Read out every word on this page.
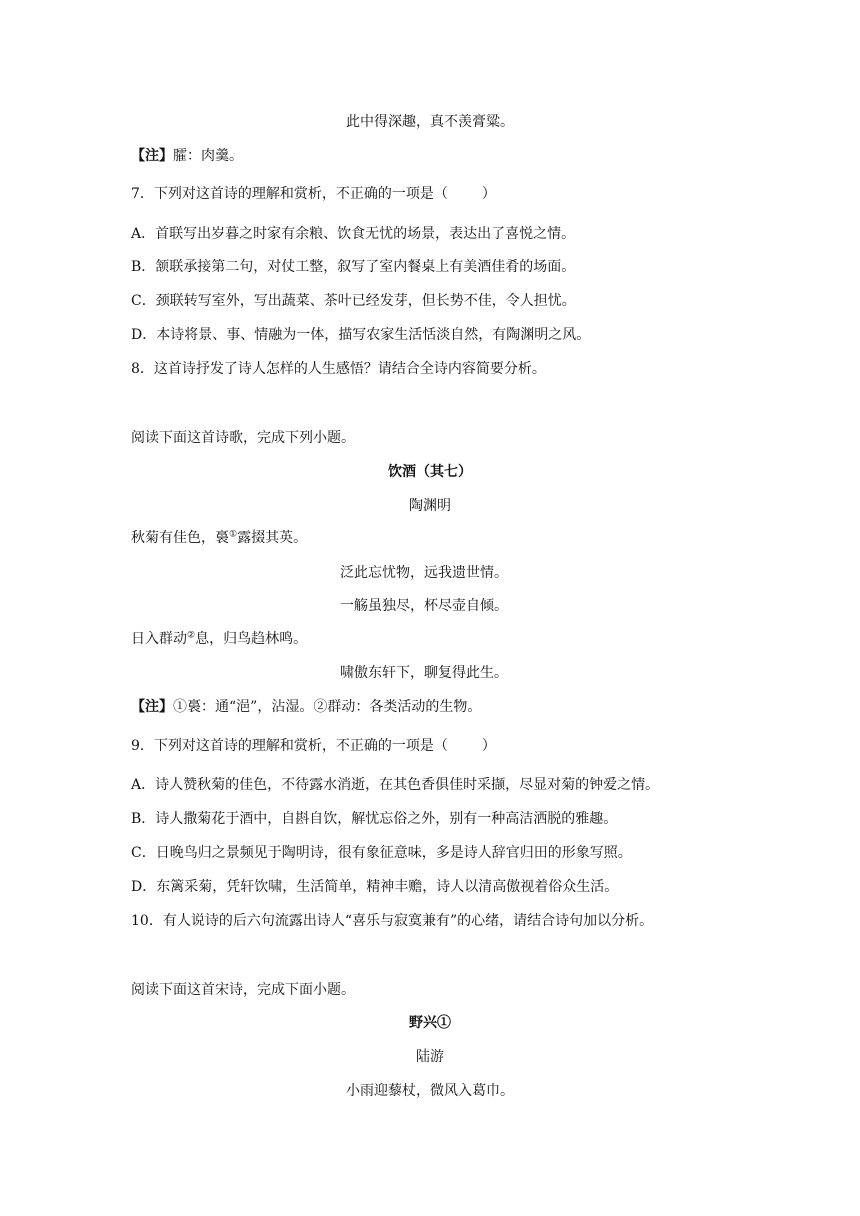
此中得深趣，真不羡膏粱。
【注】臛：肉羹。
7．下列对这首诗的理解和赏析，不正确的一项是（ ）
A．首联写出岁暮之时家有余粮、饮食无忧的场景，表达出了喜悦之情。
B．颔联承接第二句，对仗工整，叙写了室内餐桌上有美酒佳肴的场面。
C．颈联转写室外，写出蔬菜、茶叶已经发芽，但长势不佳，令人担忧。
D．本诗将景、事、情融为一体，描写农家生活恬淡自然，有陶渊明之风。
8．这首诗抒发了诗人怎样的人生感悟？请结合全诗内容简要分析。
阅读下面这首诗歌，完成下列小题。
饮酒（其七）
陶渊明
秋菊有佳色，裛①露掇其英。
泛此忘忧物，远我遗世情。
一觞虽独尽，杯尽壶自倾。
日入群动②息，归鸟趋林鸣。
啸傲东轩下，聊复得此生。
【注】①裛：通“浥”，沾湿。②群动：各类活动的生物。
9．下列对这首诗的理解和赏析，不正确的一项是（ ）
A．诗人赞秋菊的佳色，不待露水消逝，在其色香俱佳时采撷，尽显对菊的钟爱之情。
B．诗人撒菊花于酒中，自斟自饮，解忧忘俗之外，别有一种高洁洒脱的雅趣。
C．日晚鸟归之景频见于陶明诗，很有象征意味，多是诗人辞官归田的形象写照。
D．东篱采菊，凭轩饮啸，生活简单，精神丰赡，诗人以清高傲视着俗众生活。
10．有人说诗的后六句流露出诗人“喜乐与寂寞兼有”的心绪，请结合诗句加以分析。
阅读下面这首宋诗，完成下面小题。
野兴①
陆游
小雨迎藜杖，微风入葛巾。
